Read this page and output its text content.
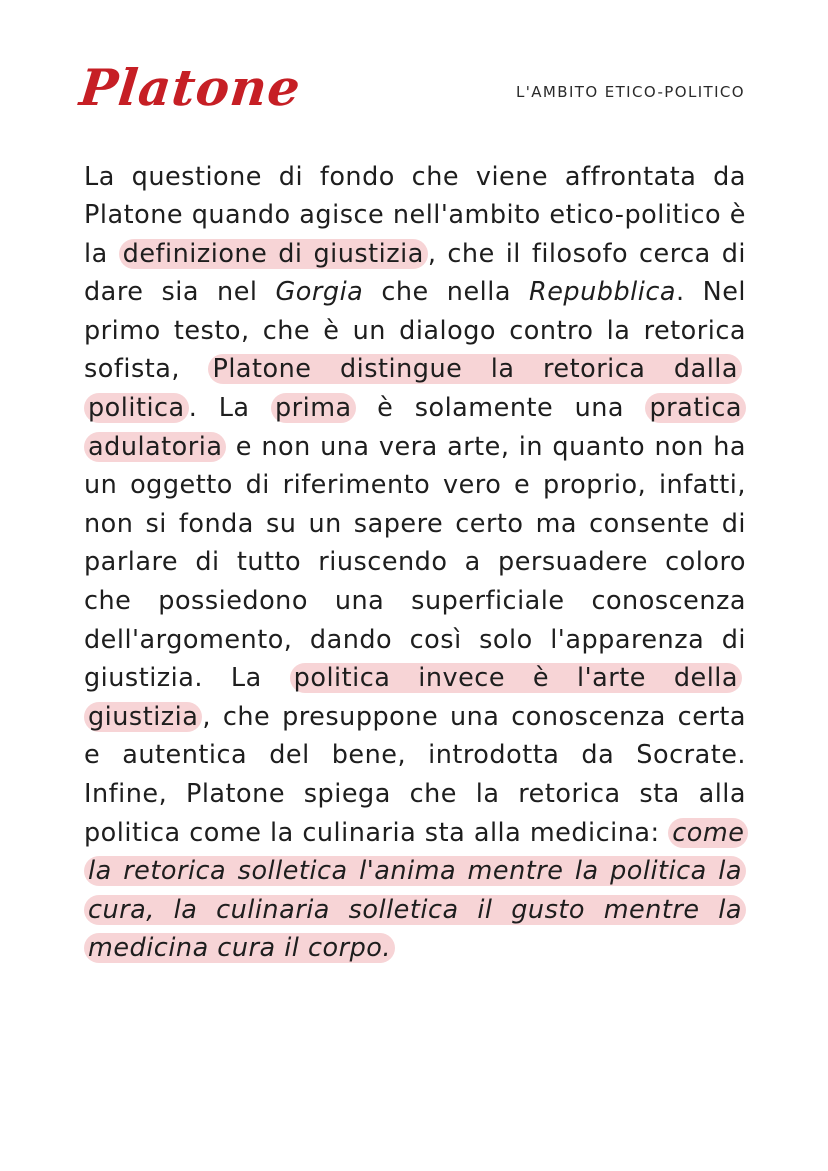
Platone	L'AMBITO ETICO-POLITICO

La questione di fondo che viene affrontata da Platone quando agisce nell'ambito etico-politico è la definizione di giustizia , che il filosofo cerca di dare sia nel Gorgia che nella Repubblica. Nel primo testo, che è un dialogo contro la retorica sofista, Platone distingue la retorica dalla politica . La prima è solamente una pratica adulatoria e non una vera arte, in quanto non ha un oggetto di riferimento vero e proprio, infatti, non si fonda su un sapere certo ma consente di parlare di tutto riuscendo a persuadere coloro che possiedono una superficiale conoscenza dell'argomento, dando così solo l'apparenza di giustizia. La politica invece è l'arte della giustizia , che presuppone una conoscenza certa e autentica del bene, introdotta da Socrate. Infine, Platone spiega che la retorica sta alla politica come la culinaria sta alla medicina: come la retorica solletica l'anima mentre la politica la cura, la culinaria solletica il gusto mentre la medicina cura il corpo.
